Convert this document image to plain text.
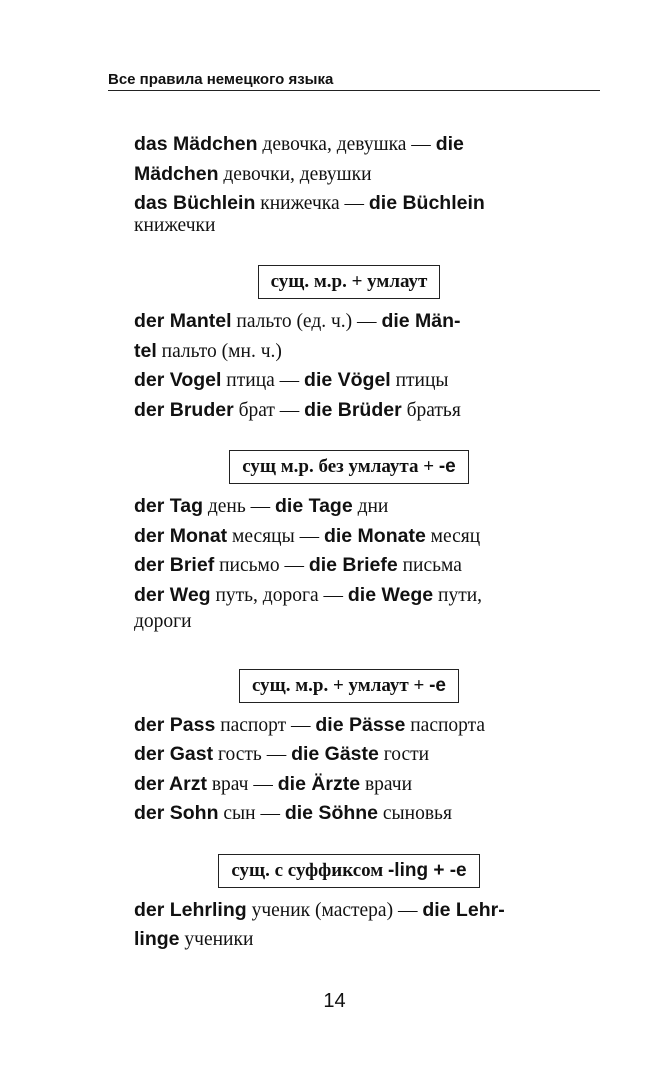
Все правила немецкого языка
das Mädchen девочка, девушка — die
Mädchen девочки, девушки
das Büchlein книжечка — die Büchlein
книжечки
сущ. м.р. + умлаут
der Mantel пальто (ед. ч.) — die Män-
tel пальто (мн. ч.)
der Vogel птица — die Vögel птицы
der Bruder брат — die Brüder братья
сущ м.р. без умлаута + -e
der Tag день — die Tage дни
der Monat месяцы — die Monate месяц
der Brief письмо — die Briefe письма
der Weg путь, дорога — die Wege пути,
дороги
сущ. м.р. + умлаут + -e
der Pass паспорт — die Pässe паспорта
der Gast гость — die Gäste гости
der Arzt врач — die Ärzte врачи
der Sohn сын — die Söhne сыновья
сущ. с суффиксом -ling + -e
der Lehrling ученик (мастера) — die Lehr-
linge ученики
14
